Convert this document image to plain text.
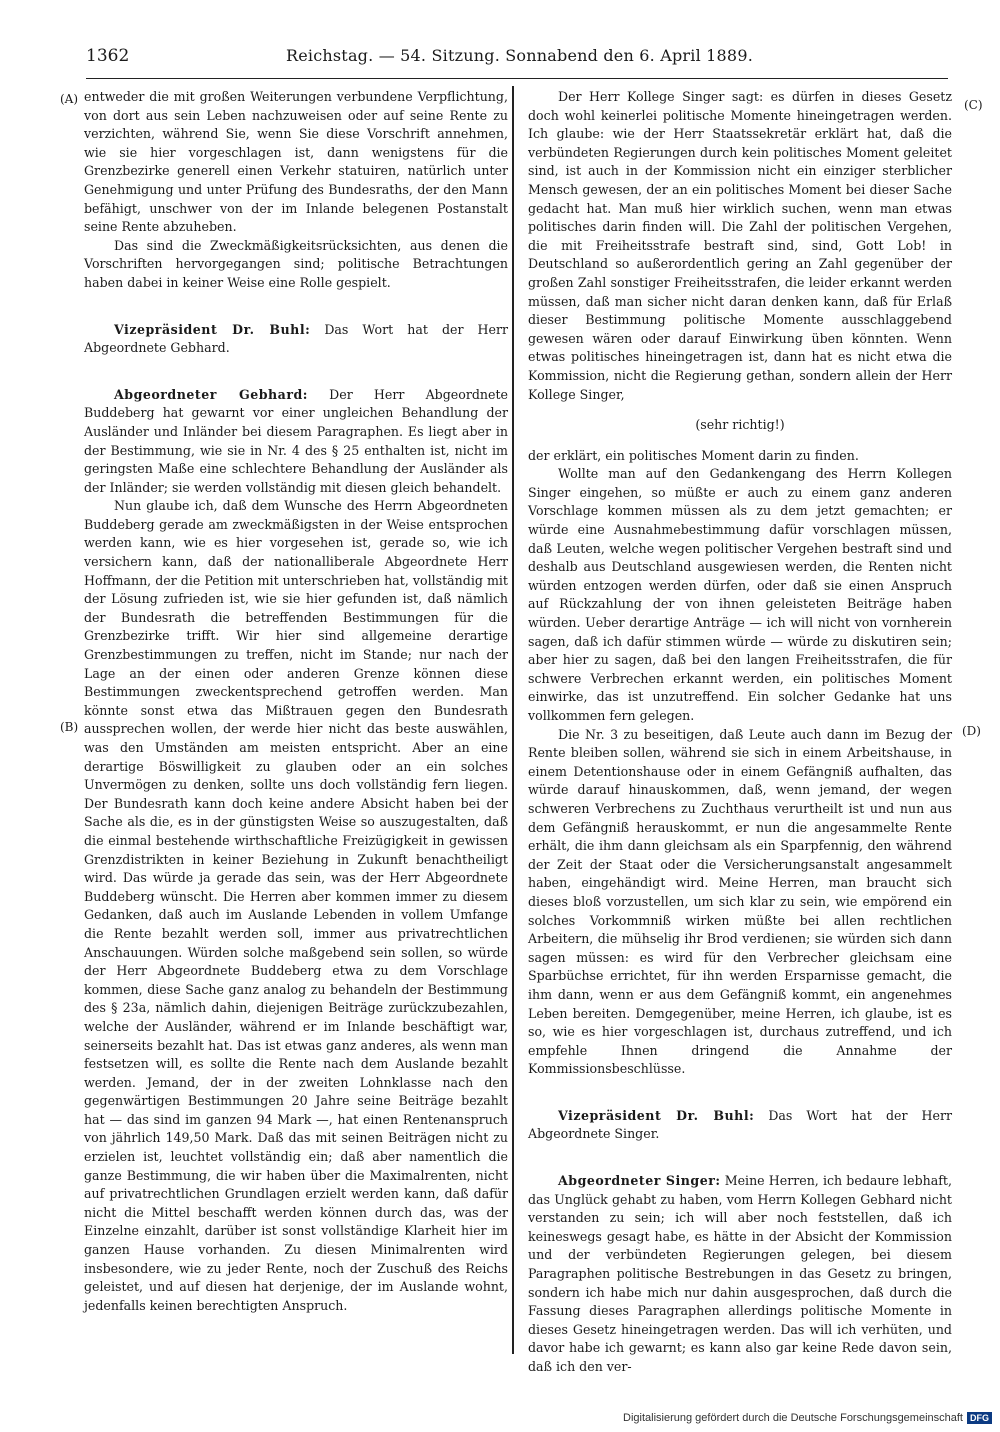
1362	Reichstag. — 54. Sitzung. Sonnabend den 6. April 1889.
(A)
(B)
(C)
(D)

entweder die mit großen Weiterungen verbundene Verpflichtung, von dort aus sein Leben nachzuweisen oder auf seine Rente zu verzichten, während Sie, wenn Sie diese Vorschrift annehmen, wie sie hier vorgeschlagen ist, dann wenigstens für die Grenzbezirke generell einen Verkehr statuiren, natürlich unter Genehmigung und unter Prüfung des Bundesraths, der den Mann befähigt, unschwer von der im Inlande belegenen Postanstalt seine Rente abzuheben.

Das sind die Zweckmäßigkeitsrücksichten, aus denen die Vorschriften hervorgegangen sind; politische Betrachtungen haben dabei in keiner Weise eine Rolle gespielt.

Vizepräsident Dr. Buhl: Das Wort hat der Herr Abgeordnete Gebhard.

Abgeordneter Gebhard: Der Herr Abgeordnete Buddeberg hat gewarnt vor einer ungleichen Behandlung der Ausländer und Inländer bei diesem Paragraphen. Es liegt aber in der Bestimmung, wie sie in Nr. 4 des § 25 enthalten ist, nicht im geringsten Maße eine schlechtere Behandlung der Ausländer als der Inländer; sie werden vollständig mit diesen gleich behandelt.

Nun glaube ich, daß dem Wunsche des Herrn Abgeordneten Buddeberg gerade am zweckmäßigsten in der Weise entsprochen werden kann, wie es hier vorgesehen ist, gerade so, wie ich versichern kann, daß der nationalliberale Abgeordnete Herr Hoffmann, der die Petition mit unterschrieben hat, vollständig mit der Lösung zufrieden ist, wie sie hier gefunden ist, daß nämlich der Bundesrath die betreffenden Bestimmungen für die Grenzbezirke trifft. Wir hier sind allgemeine derartige Grenzbestimmungen zu treffen, nicht im Stande; nur nach der Lage an der einen oder anderen Grenze können diese Bestimmungen zweckentsprechend getroffen werden. Man könnte sonst etwa das Mißtrauen gegen den Bundesrath aussprechen wollen, der werde hier nicht das beste auswählen, was den Umständen am meisten entspricht. Aber an eine derartige Böswilligkeit zu glauben oder an ein solches Unvermögen zu denken, sollte uns doch vollständig fern liegen. Der Bundesrath kann doch keine andere Absicht haben bei der Sache als die, es in der günstigsten Weise so auszugestalten, daß die einmal bestehende wirthschaftliche Freizügigkeit in gewissen Grenzdistrikten in keiner Beziehung in Zukunft benachtheiligt wird. Das würde ja gerade das sein, was der Herr Abgeordnete Buddeberg wünscht. Die Herren aber kommen immer zu diesem Gedanken, daß auch im Auslande Lebenden in vollem Umfange die Rente bezahlt werden soll, immer aus privatrechtlichen Anschauungen. Würden solche maßgebend sein sollen, so würde der Herr Abgeordnete Buddeberg etwa zu dem Vorschlage kommen, diese Sache ganz analog zu behandeln der Bestimmung des § 23a, nämlich dahin, diejenigen Beiträge zurückzubezahlen, welche der Ausländer, während er im Inlande beschäftigt war, seinerseits bezahlt hat. Das ist etwas ganz anderes, als wenn man festsetzen will, es sollte die Rente nach dem Auslande bezahlt werden. Jemand, der in der zweiten Lohnklasse nach den gegenwärtigen Bestimmungen 20 Jahre seine Beiträge bezahlt hat — das sind im ganzen 94 Mark —, hat einen Rentenanspruch von jährlich 149,50 Mark. Daß das mit seinen Beiträgen nicht zu erzielen ist, leuchtet vollständig ein; daß aber namentlich die ganze Bestimmung, die wir haben über die Maximalrenten, nicht auf privatrechtlichen Grundlagen erzielt werden kann, daß dafür nicht die Mittel beschafft werden können durch das, was der Einzelne einzahlt, darüber ist sonst vollständige Klarheit hier im ganzen Hause vorhanden. Zu diesen Minimalrenten wird insbesondere, wie zu jeder Rente, noch der Zuschuß des Reichs geleistet, und auf diesen hat derjenige, der im Auslande wohnt, jedenfalls keinen berechtigten Anspruch.

Der Herr Kollege Singer sagt: es dürfen in dieses Gesetz doch wohl keinerlei politische Momente hineingetragen werden. Ich glaube: wie der Herr Staatssekretär erklärt hat, daß die verbündeten Regierungen durch kein politisches Moment geleitet sind, ist auch in der Kommission nicht ein einziger sterblicher Mensch gewesen, der an ein politisches Moment bei dieser Sache gedacht hat. Man muß hier wirklich suchen, wenn man etwas politisches darin finden will. Die Zahl der politischen Vergehen, die mit Freiheitsstrafe bestraft sind, sind, Gott Lob! in Deutschland so außerordentlich gering an Zahl gegenüber der großen Zahl sonstiger Freiheitsstrafen, die leider erkannt werden müssen, daß man sicher nicht daran denken kann, daß für Erlaß dieser Bestimmung politische Momente ausschlaggebend gewesen wären oder darauf Einwirkung üben könnten. Wenn etwas politisches hineingetragen ist, dann hat es nicht etwa die Kommission, nicht die Regierung gethan, sondern allein der Herr Kollege Singer,

(sehr richtig!)

der erklärt, ein politisches Moment darin zu finden.

Wollte man auf den Gedankengang des Herrn Kollegen Singer eingehen, so müßte er auch zu einem ganz anderen Vorschlage kommen müssen als zu dem jetzt gemachten; er würde eine Ausnahmebestimmung dafür vorschlagen müssen, daß Leuten, welche wegen politischer Vergehen bestraft sind und deshalb aus Deutschland ausgewiesen werden, die Renten nicht würden entzogen werden dürfen, oder daß sie einen Anspruch auf Rückzahlung der von ihnen geleisteten Beiträge haben würden. Ueber derartige Anträge — ich will nicht von vornherein sagen, daß ich dafür stimmen würde — würde zu diskutiren sein; aber hier zu sagen, daß bei den langen Freiheitsstrafen, die für schwere Verbrechen erkannt werden, ein politisches Moment einwirke, das ist unzutreffend. Ein solcher Gedanke hat uns vollkommen fern gelegen.

Die Nr. 3 zu beseitigen, daß Leute auch dann im Bezug der Rente bleiben sollen, während sie sich in einem Arbeitshause, in einem Detentionshause oder in einem Gefängniß aufhalten, das würde darauf hinauskommen, daß, wenn jemand, der wegen schweren Verbrechens zu Zuchthaus verurtheilt ist und nun aus dem Gefängniß herauskommt, er nun die angesammelte Rente erhält, die ihm dann gleichsam als ein Sparpfennig, den während der Zeit der Staat oder die Versicherungsanstalt angesammelt haben, eingehändigt wird. Meine Herren, man braucht sich dieses bloß vorzustellen, um sich klar zu sein, wie empörend ein solches Vorkommniß wirken müßte bei allen rechtlichen Arbeitern, die mühselig ihr Brod verdienen; sie würden sich dann sagen müssen: es wird für den Verbrecher gleichsam eine Sparbüchse errichtet, für ihn werden Ersparnisse gemacht, die ihm dann, wenn er aus dem Gefängniß kommt, ein angenehmes Leben bereiten. Demgegenüber, meine Herren, ich glaube, ist es so, wie es hier vorgeschlagen ist, durchaus zutreffend, und ich empfehle Ihnen dringend die Annahme der Kommissionsbeschlüsse.

Vizepräsident Dr. Buhl: Das Wort hat der Herr Abgeordnete Singer.

Abgeordneter Singer: Meine Herren, ich bedaure lebhaft, das Unglück gehabt zu haben, vom Herrn Kollegen Gebhard nicht verstanden zu sein; ich will aber noch feststellen, daß ich keineswegs gesagt habe, es hätte in der Absicht der Kommission und der verbündeten Regierungen gelegen, bei diesem Paragraphen politische Bestrebungen in das Gesetz zu bringen, sondern ich habe mich nur dahin ausgesprochen, daß durch die Fassung dieses Paragraphen allerdings politische Momente in dieses Gesetz hineingetragen werden. Das will ich verhüten, und davor habe ich gewarnt; es kann also gar keine Rede davon sein, daß ich den ver-

Digitalisierung gefördert durch die Deutsche Forschungsgemeinschaft DFG
